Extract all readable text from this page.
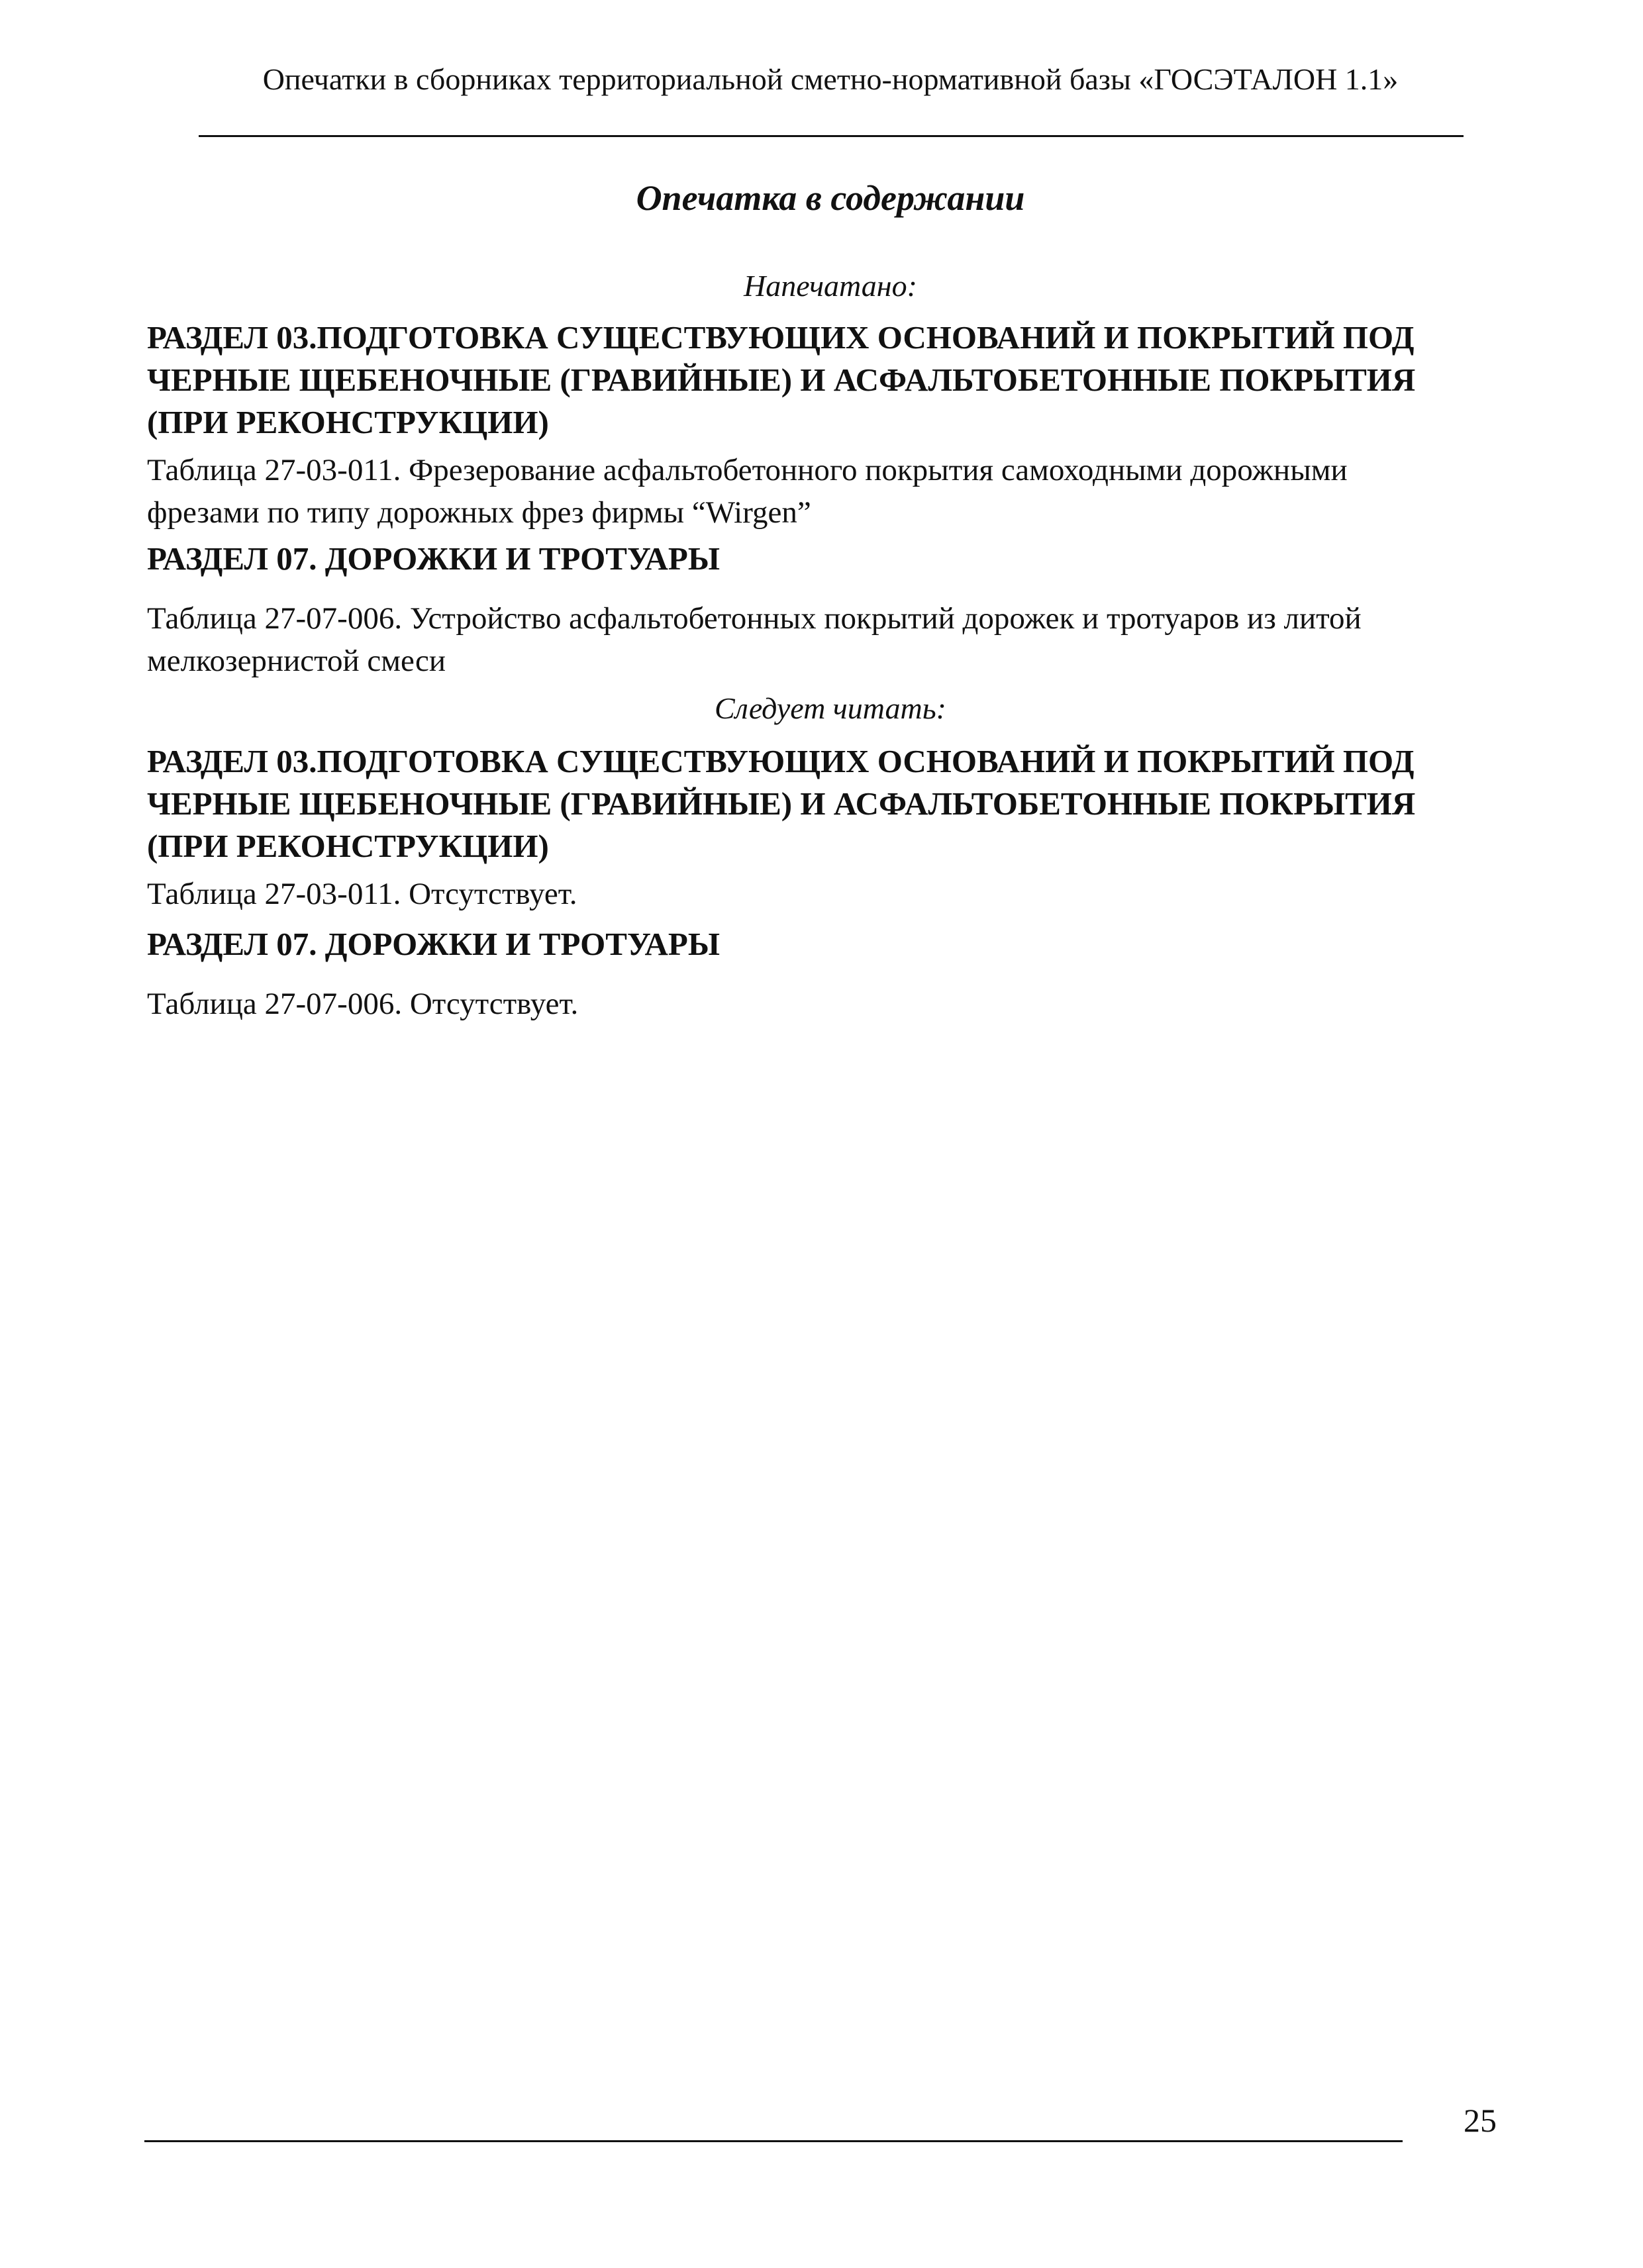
Опечатки в сборниках территориальной сметно-нормативной базы «ГОСЭТАЛОН 1.1»
Опечатка в содержании
Напечатано:
РАЗДЕЛ 03.ПОДГОТОВКА СУЩЕСТВУЮЩИХ ОСНОВАНИЙ И ПОКРЫТИЙ ПОД
ЧЕРНЫЕ ЩЕБЕНОЧНЫЕ (ГРАВИЙНЫЕ) И АСФАЛЬТОБЕТОННЫЕ ПОКРЫТИЯ
(ПРИ РЕКОНСТРУКЦИИ)

Таблица 27-03-011. Фрезерование асфальтобетонного покрытия самоходными дорожными
фрезами по типу дорожных фрез фирмы “Wirgen”

РАЗДЕЛ 07. ДОРОЖКИ И ТРОТУАРЫ

Таблица 27-07-006. Устройство асфальтобетонных покрытий дорожек и тротуаров из литой
мелкозернистой смеси

Следует читать:
РАЗДЕЛ 03.ПОДГОТОВКА СУЩЕСТВУЮЩИХ ОСНОВАНИЙ И ПОКРЫТИЙ ПОД
ЧЕРНЫЕ ЩЕБЕНОЧНЫЕ (ГРАВИЙНЫЕ) И АСФАЛЬТОБЕТОННЫЕ ПОКРЫТИЯ
(ПРИ РЕКОНСТРУКЦИИ)

Таблица 27-03-011. Отсутствует.

РАЗДЕЛ 07. ДОРОЖКИ И ТРОТУАРЫ

Таблица 27-07-006. Отсутствует.

25
